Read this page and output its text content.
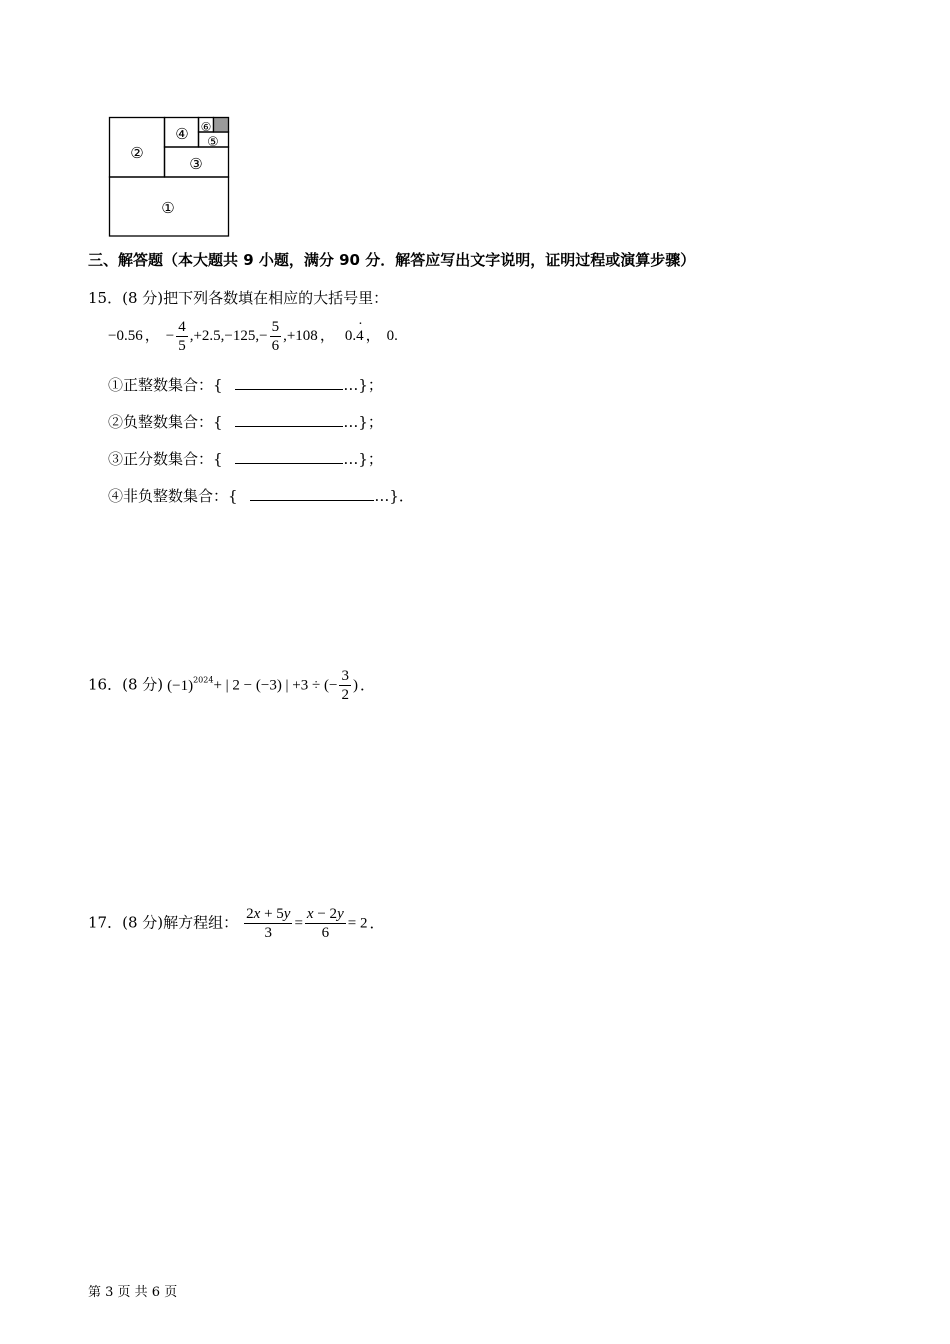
①
②
③
④ ⑤
⑥
三、解答题（本大题共 9 小题，满分 90 分．解答应写出文字说明，证明过程或演算步骤）
15．(8 分)把下列各数填在相应的大括号里：
−0.56 ， − $\frac{4}{5} ,+2.5,-125,- \frac{5}{6} ,+108$ ， 0.4 · ， 0.
①正整数集合：{	…}；
②负整数集合：{	…}；
③正分数集合：{	…}；
④非负整数集合：{	…}．
16．(8 分) $(-1)^{2024}+$ | 2 − (−3) | +3 ÷ (− $\frac{3}{2}$ ) ．
17．(8 分)解方程组： $\frac{2x + 5y}{3} = \frac{x - 2y}{6} = 2$ ．
第 3 页 共 6 页
